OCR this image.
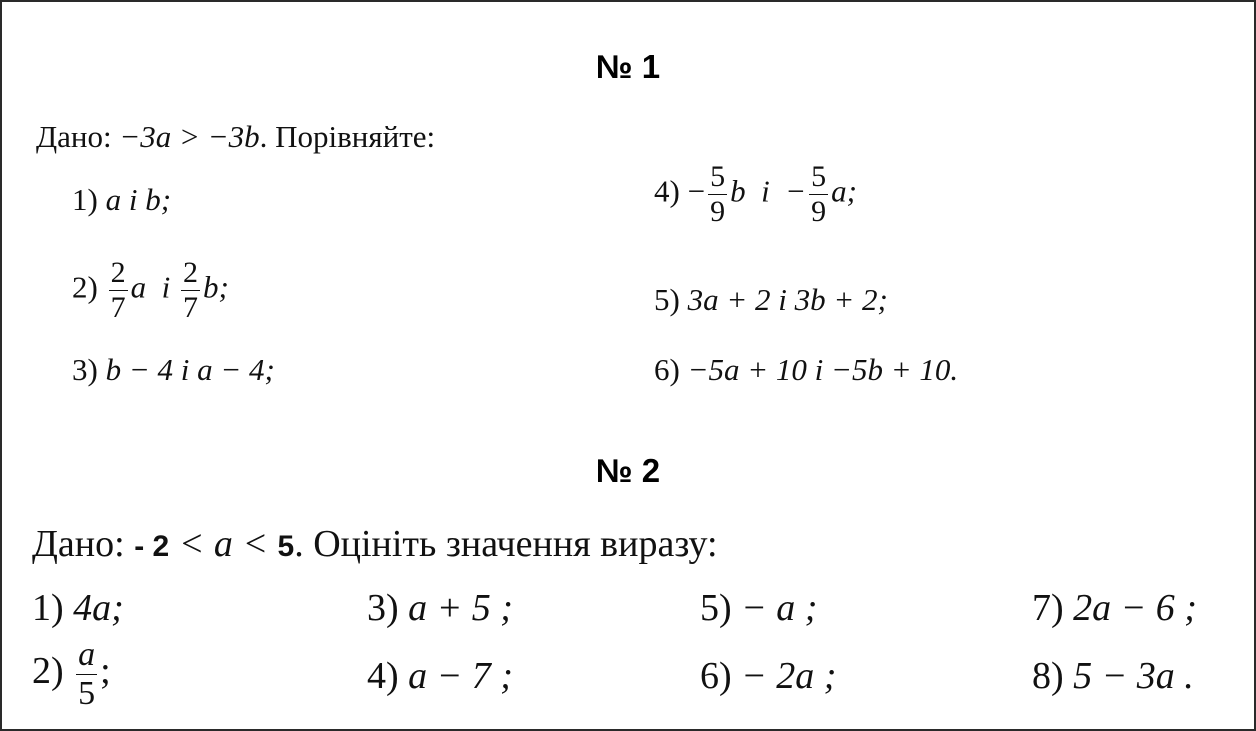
№ 1
Дано: −3a > −3b. Порівняйте:
1) a і b;
$2) \frac{2}{7}$ a  і $\frac{2}{7} b$;
3) b − 4 і a − 4;
$4) - \frac{5}{9}$ b  $і - \frac{5}{9} a$;
5) 3a + 2 і 3b + 2;
6) −5a + 10 і −5b + 10.
№ 2
Дано: - 2 < a < 5. Оцініть значення виразу:
1) 4a;
$2) \frac{a}{5}$ ;
3) a + 5 ;
4) a − 7 ;
5) − a ;
6) − 2a ;
7) 2a − 6 ;
8) 5 − 3a .
